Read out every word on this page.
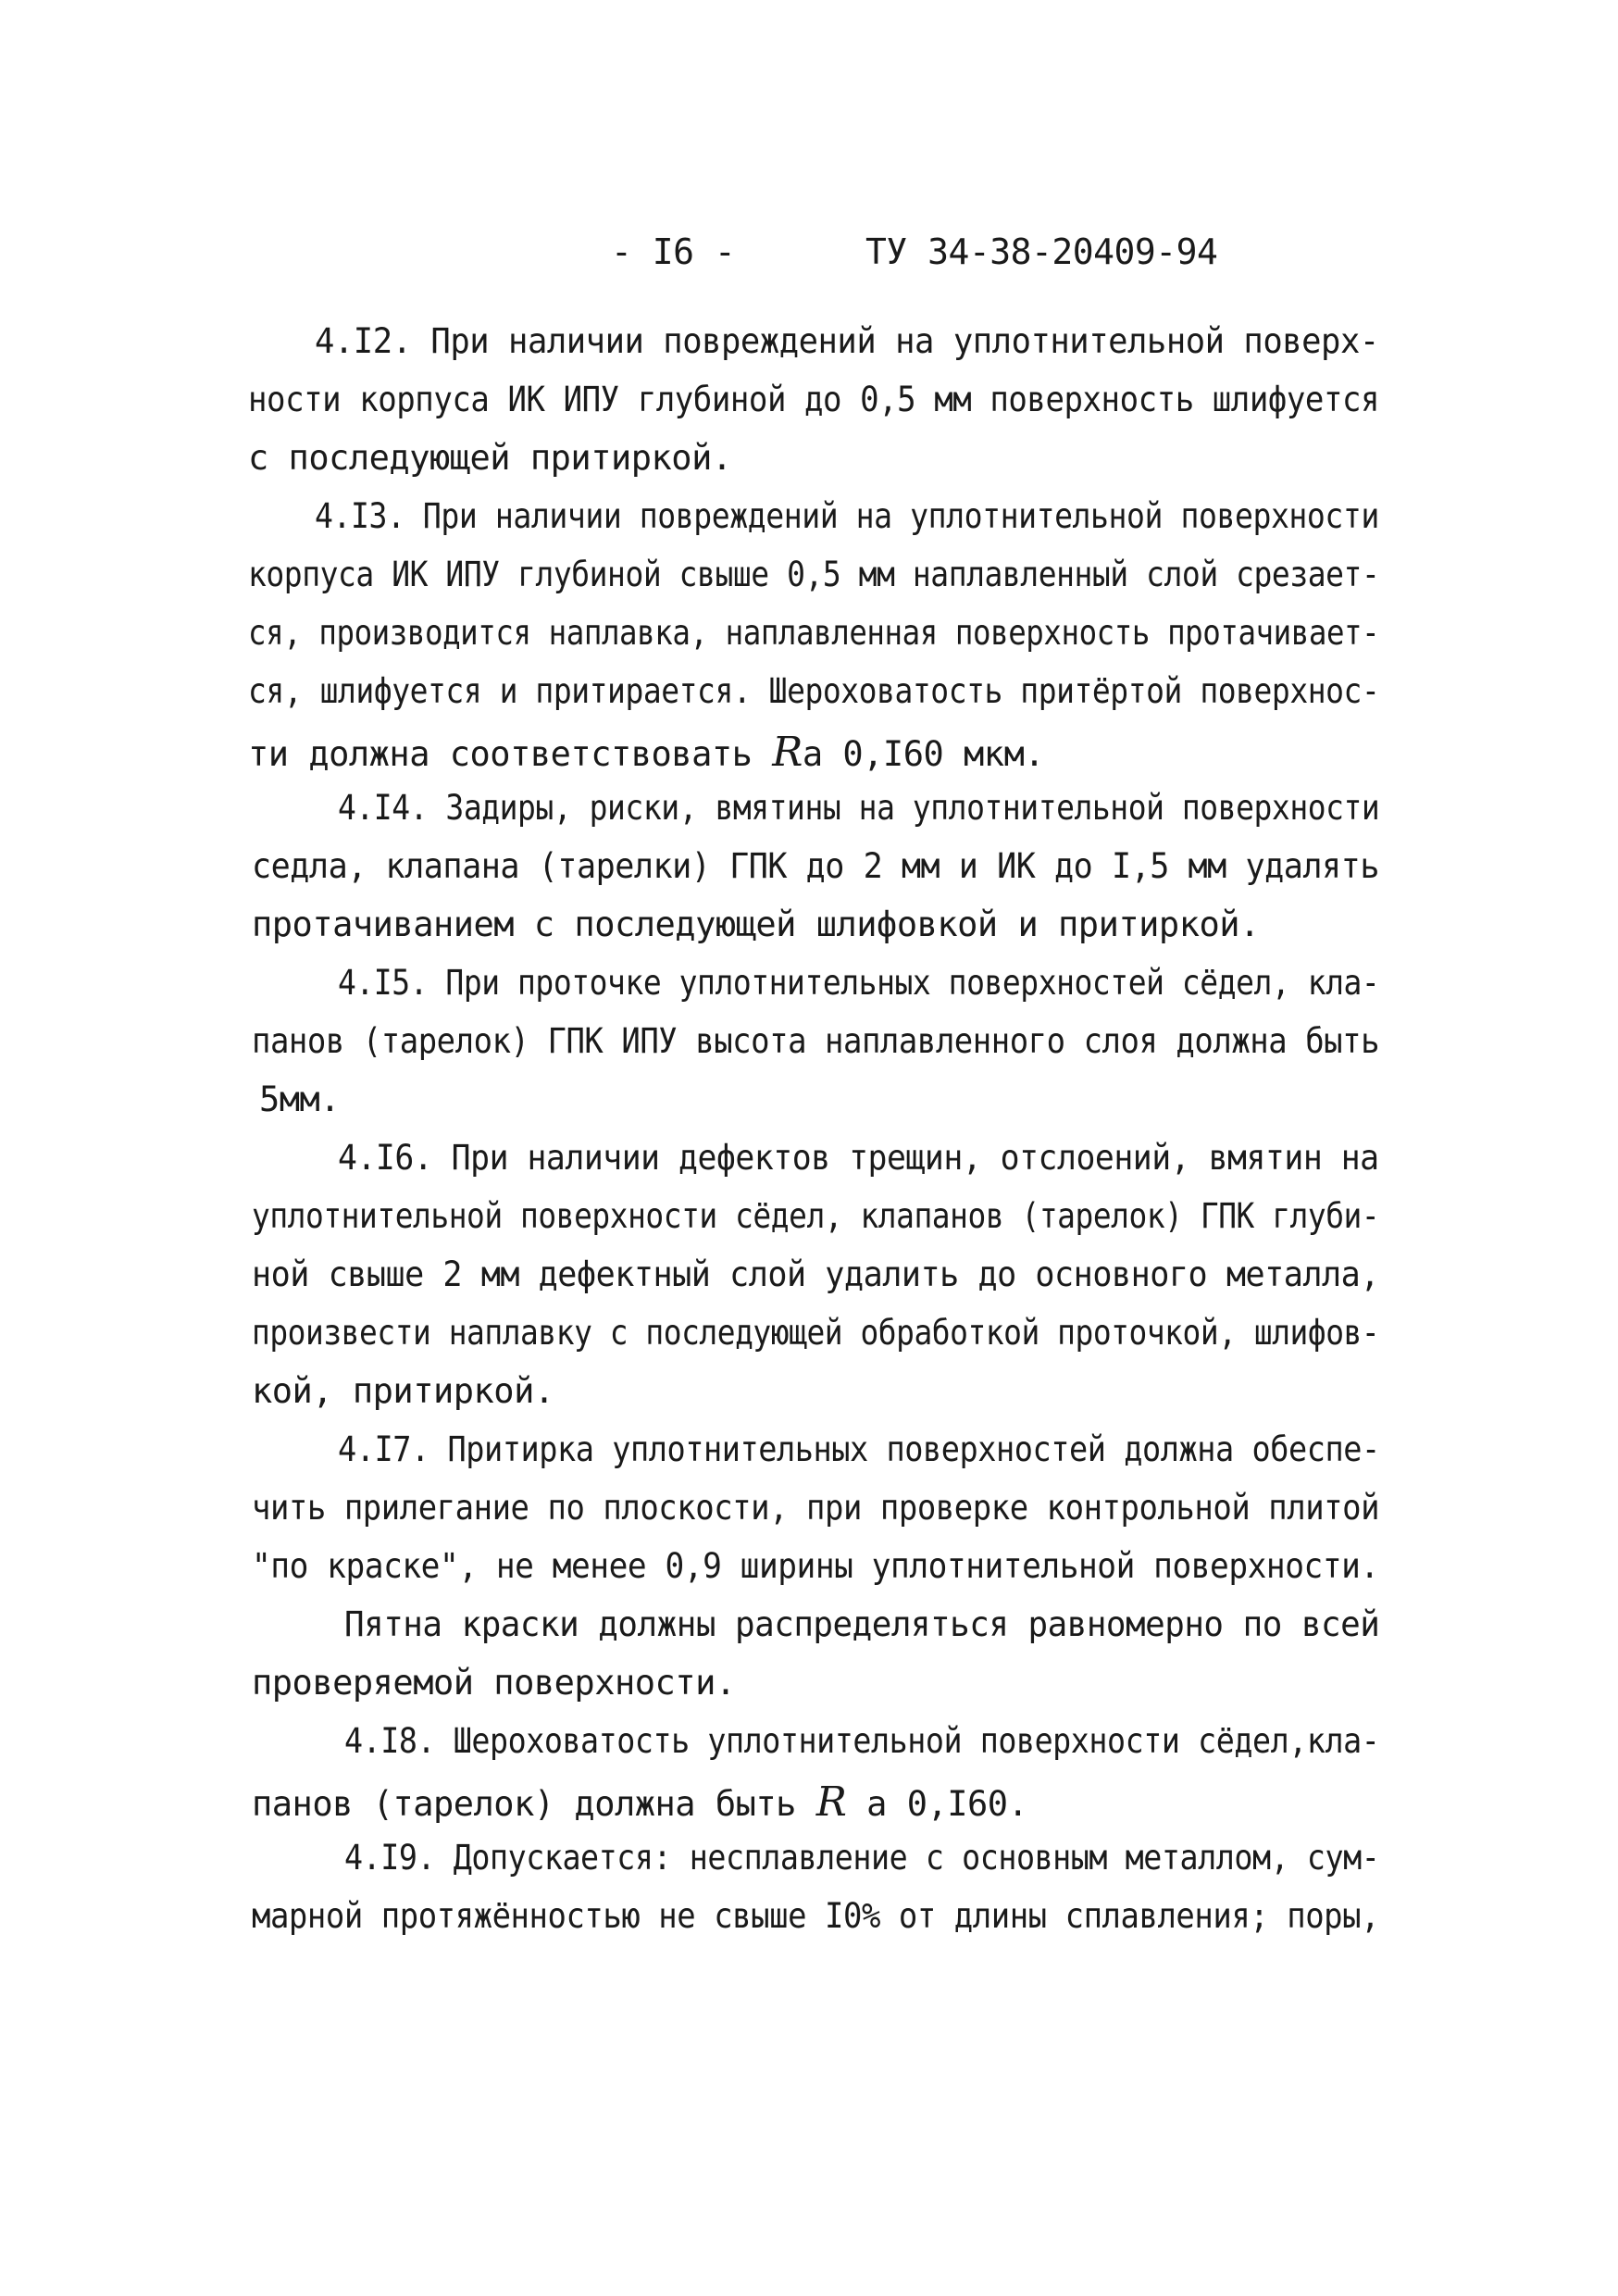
- I6 -	ТУ 34-38-20409-94
4.I2. При наличии повреждений на уплотнительной поверх-
ности корпуса ИК ИПУ глубиной до 0,5 мм поверхность шлифуется
с последующей притиркой.
4.I3. При наличии повреждений на уплотнительной поверхности
корпуса ИК ИПУ глубиной свыше 0,5 мм наплавленный слой срезает-
ся, производится наплавка, наплавленная поверхность протачивает-
ся, шлифуется и притирается. Шероховатость притёртой поверхнос-
ти должна соответствовать Rа 0,I60 мкм.
4.I4. Задиры, риски, вмятины на уплотнительной поверхности
седла, клапана (тарелки) ГПК до 2 мм и ИК до I,5 мм удалять
протачиванием с последующей шлифовкой и притиркой.
4.I5. При проточке уплотнительных поверхностей сёдел, кла-
панов (тарелок) ГПК ИПУ высота наплавленного слоя должна быть
5мм.
4.I6. При наличии дефектов трещин, отслоений, вмятин на
уплотнительной поверхности сёдел, клапанов (тарелок) ГПК глуби-
ной свыше 2 мм дефектный слой удалить до основного металла,
произвести наплавку с последующей обработкой проточкой, шлифов-
кой, притиркой.
4.I7. Притирка уплотнительных поверхностей должна обеспе-
чить прилегание по плоскости, при проверке контрольной плитой
"по краске", не менее 0,9 ширины уплотнительной поверхности.
Пятна краски должны распределяться равномерно по всей
проверяемой поверхности.
4.I8. Шероховатость уплотнительной поверхности сёдел,кла-
панов (тарелок) должна быть R а 0,I60.
4.I9. Допускается: несплавление с основным металлом, сум-
марной протяжённостью не свыше I0% от длины сплавления; поры,
